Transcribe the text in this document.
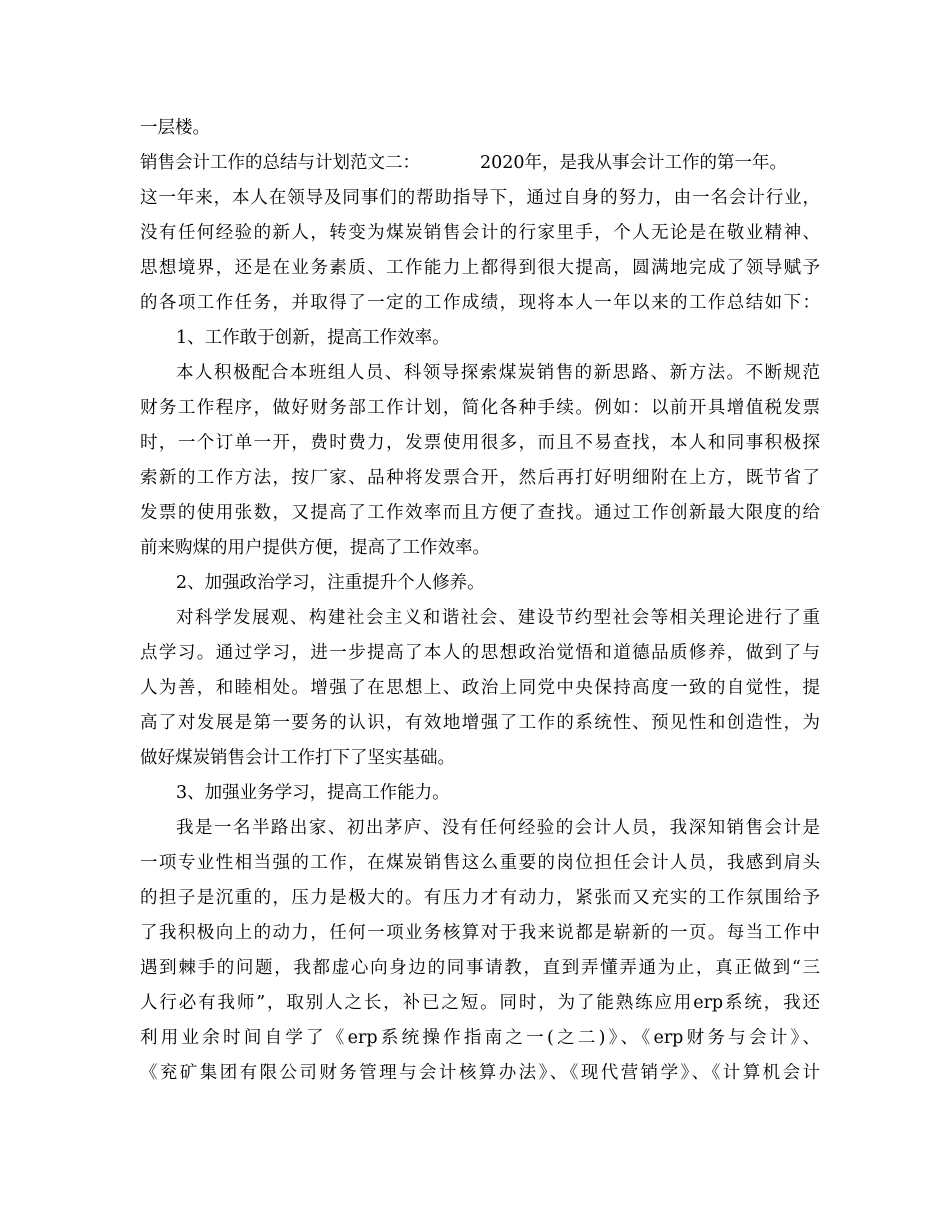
一层楼。
销售会计工作的总结与计划范文二：	2020年，是我从事会计工作的第一年。
这一年来，本人在领导及同事们的帮助指导下，通过自身的努力，由一名会计行业，
没有任何经验的新人，转变为煤炭销售会计的行家里手，个人无论是在敬业精神、
思想境界，还是在业务素质、工作能力上都得到很大提高，圆满地完成了领导赋予
的各项工作任务，并取得了一定的工作成绩，现将本人一年以来的工作总结如下：
1、工作敢于创新，提高工作效率。
本人积极配合本班组人员、科领导探索煤炭销售的新思路、新方法。不断规范
财务工作程序，做好财务部工作计划，简化各种手续。例如：以前开具增值税发票
时，一个订单一开，费时费力，发票使用很多，而且不易查找，本人和同事积极探
索新的工作方法，按厂家、品种将发票合开，然后再打好明细附在上方，既节省了
发票的使用张数，又提高了工作效率而且方便了查找。通过工作创新最大限度的给
前来购煤的用户提供方便，提高了工作效率。
2、加强政治学习，注重提升个人修养。
对科学发展观、构建社会主义和谐社会、建设节约型社会等相关理论进行了重
点学习。通过学习，进一步提高了本人的思想政治觉悟和道德品质修养，做到了与
人为善，和睦相处。增强了在思想上、政治上同党中央保持高度一致的自觉性，提
高了对发展是第一要务的认识，有效地增强了工作的系统性、预见性和创造性，为
做好煤炭销售会计工作打下了坚实基础。
3、加强业务学习，提高工作能力。
我是一名半路出家、初出茅庐、没有任何经验的会计人员，我深知销售会计是
一项专业性相当强的工作，在煤炭销售这么重要的岗位担任会计人员，我感到肩头
的担子是沉重的，压力是极大的。有压力才有动力，紧张而又充实的工作氛围给予
了我积极向上的动力，任何一项业务核算对于我来说都是崭新的一页。每当工作中
遇到棘手的问题，我都虚心向身边的同事请教，直到弄懂弄通为止，真正做到“三
人行必有我师”，取别人之长，补已之短。同时，为了能熟练应用erp系统，我还
利用业余时间自学了《erp系统操作指南之一(之二)》、《erp财务与会计》、
《兖矿集团有限公司财务管理与会计核算办法》、《现代营销学》、《计算机会计
